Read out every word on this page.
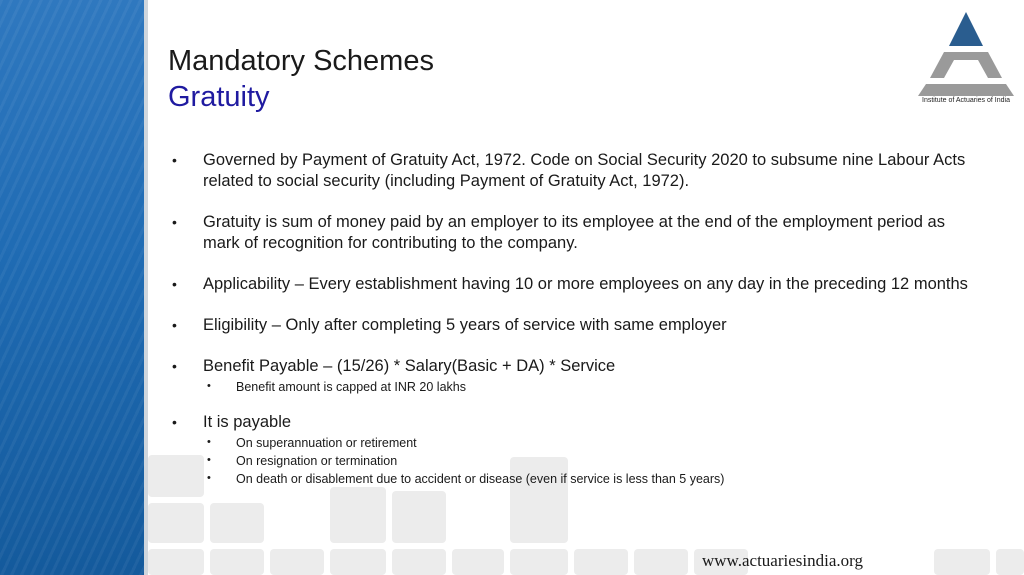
Mandatory Schemes
Gratuity	Institute of Actuaries of India
• Governed by Payment of Gratuity Act, 1972. Code on Social Security 2020 to subsume nine Labour Acts related to social security (including Payment of Gratuity Act, 1972).
• Gratuity is sum of money paid by an employer to its employee at the end of the employment period as mark of recognition for contributing to the company.
• Applicability – Every establishment having 10 or more employees on any day in the preceding 12 months
• Eligibility – Only after completing 5 years of service with same employer
• Benefit Payable – (15/26) * Salary(Basic + DA) * Service
• Benefit amount is capped at INR 20 lakhs
• It is payable
• On superannuation or retirement
• On resignation or termination
• On death or disablement due to accident or disease (even if service is less than 5 years)
www.actuariesindia.org
